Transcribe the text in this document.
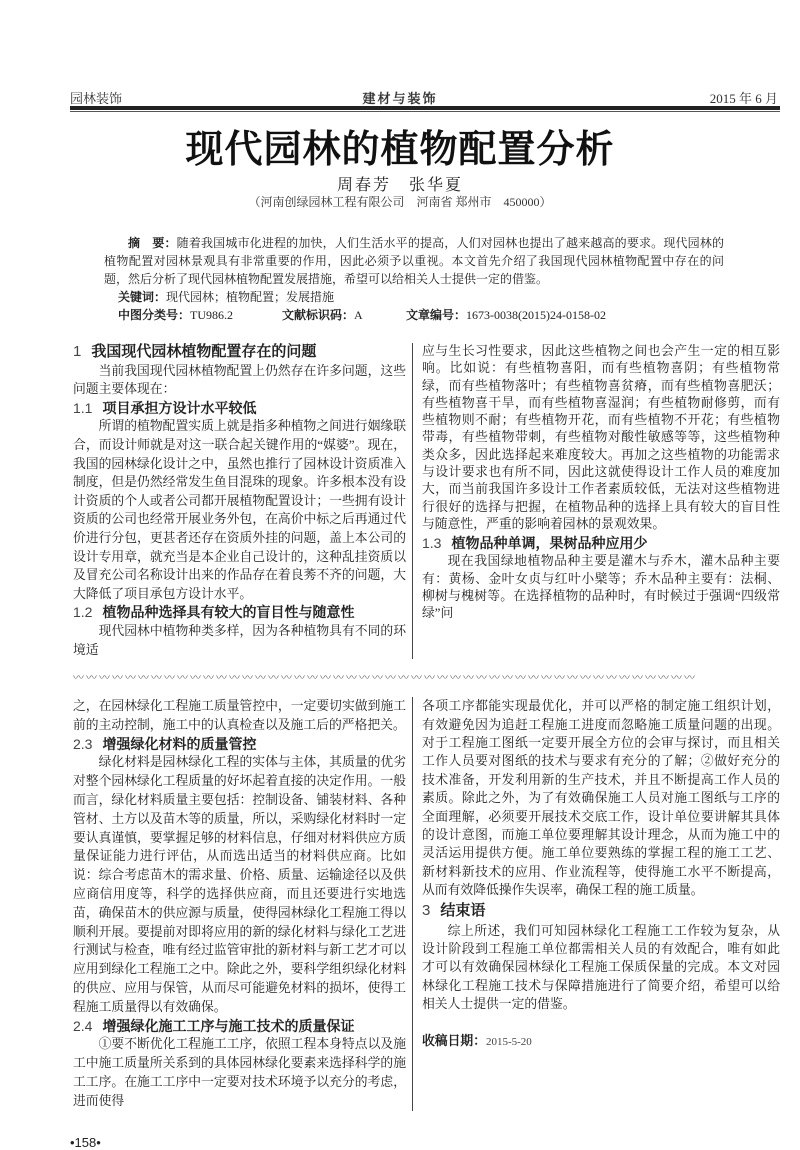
园林装饰	建材与装饰	2015 年 6 月
现代园林的植物配置分析
周春芳　张华夏
（河南创绿园林工程有限公司　河南省 郑州市　450000）
摘　要：随着我国城市化进程的加快，人们生活水平的提高，人们对园林也提出了越来越高的要求。现代园林的植物配置对园林景观具有非常重要的作用，因此必须予以重视。本文首先介绍了我国现代园林植物配置中存在的问题，然后分析了现代园林植物配置发展措施，希望可以给相关人士提供一定的借鉴。
关键词：现代园林；植物配置；发展措施
中图分类号：TU986.2	文献标识码：A	文章编号：1673-0038(2015)24-0158-02
1 我国现代园林植物配置存在的问题

当前我国现代园林植物配置上仍然存在许多问题，这些问题主要体现在：

1.1 项目承担方设计水平较低

所谓的植物配置实质上就是指多种植物之间进行姻缘联合，而设计师就是对这一联合起关键作用的“媒婆”。现在，我国的园林绿化设计之中，虽然也推行了园林设计资质准入制度，但是仍然经常发生鱼目混珠的现象。许多根本没有设计资质的个人或者公司都开展植物配置设计；一些拥有设计资质的公司也经常开展业务外包，在高价中标之后再通过代价进行分包，更甚者还存在资质外挂的问题，盖上本公司的设计专用章，就充当是本企业自己设计的，这种乱挂资质以及冒充公司名称设计出来的作品存在着良莠不齐的问题，大大降低了项目承包方设计水平。

1.2 植物品种选择具有较大的盲目性与随意性

现代园林中植物种类多样，因为各种植物具有不同的环境适

应与生长习性要求，因此这些植物之间也会产生一定的相互影响。比如说：有些植物喜阳，而有些植物喜阴；有些植物常绿，而有些植物落叶；有些植物喜贫瘠，而有些植物喜肥沃；有些植物喜干旱，而有些植物喜湿润；有些植物耐修剪，而有些植物则不耐；有些植物开花，而有些植物不开花；有些植物带毒，有些植物带刺，有些植物对酸性敏感等等，这些植物种类众多，因此选择起来难度较大。再加之这些植物的功能需求与设计要求也有所不同，因此这就使得设计工作人员的难度加大，而当前我国许多设计工作者素质较低，无法对这些植物进行很好的选择与把握，在植物品种的选择上具有较大的盲目性与随意性，严重的影响着园林的景观效果。

1.3 植物品种单调，果树品种应用少

现在我国绿地植物品种主要是灌木与乔木，灌木品种主要有：黄杨、金叶女贞与红叶小檗等；乔木品种主要有：法桐、柳树与槐树等。在选择植物的品种时，有时候过于强调“四级常绿”问

〰〰〰〰〰〰〰〰〰〰〰〰〰〰〰〰〰〰〰〰〰〰〰〰〰〰〰〰〰〰〰〰〰〰〰〰〰〰〰〰〰〰〰〰〰〰〰〰

之，在园林绿化工程施工质量管控中，一定要切实做到施工前的主动控制，施工中的认真检查以及施工后的严格把关。

2.3 增强绿化材料的质量管控

绿化材料是园林绿化工程的实体与主体，其质量的优劣对整个园林绿化工程质量的好坏起着直接的决定作用。一般而言，绿化材料质量主要包括：控制设备、铺装材料、各种管材、土方以及苗木等的质量，所以，采购绿化材料时一定要认真谨慎，要掌握足够的材料信息，仔细对材料供应方质量保证能力进行评估，从而选出适当的材料供应商。比如说：综合考虑苗木的需求量、价格、质量、运输途径以及供应商信用度等，科学的选择供应商，而且还要进行实地选苗，确保苗木的供应源与质量，使得园林绿化工程施工得以顺利开展。要提前对即将应用的新的绿化材料与绿化工艺进行测试与检查，唯有经过监管审批的新材料与新工艺才可以应用到绿化工程施工之中。除此之外，要科学组织绿化材料的供应、应用与保管，从而尽可能避免材料的损坏，使得工程施工质量得以有效确保。

2.4 增强绿化施工工序与施工技术的质量保证

①要不断优化工程施工工序，依照工程本身特点以及施工中施工质量所关系到的具体园林绿化要素来选择科学的施工工序。在施工工序中一定要对技术环境予以充分的考虑，进而使得

各项工序都能实现最优化，并可以严格的制定施工组织计划，有效避免因为追赶工程施工进度而忽略施工质量问题的出现。对于工程施工图纸一定要开展全方位的会审与探讨，而且相关工作人员要对图纸的技术与要求有充分的了解；②做好充分的技术准备，开发利用新的生产技术，并且不断提高工作人员的素质。除此之外，为了有效确保施工人员对施工图纸与工序的全面理解，必须要开展技术交底工作，设计单位要讲解其具体的设计意图，而施工单位要理解其设计理念，从而为施工中的灵活运用提供方便。施工单位要熟练的掌握工程的施工工艺、新材料新技术的应用、作业流程等，使得施工水平不断提高，从而有效降低操作失误率，确保工程的施工质量。

3 结束语

综上所述，我们可知园林绿化工程施工工作较为复杂，从设计阶段到工程施工单位都需相关人员的有效配合，唯有如此才可以有效确保园林绿化工程施工保质保量的完成。本文对园林绿化工程施工技术与保障措施进行了简要介绍，希望可以给相关人士提供一定的借鉴。

收稿日期：2015-5-20
•158•
